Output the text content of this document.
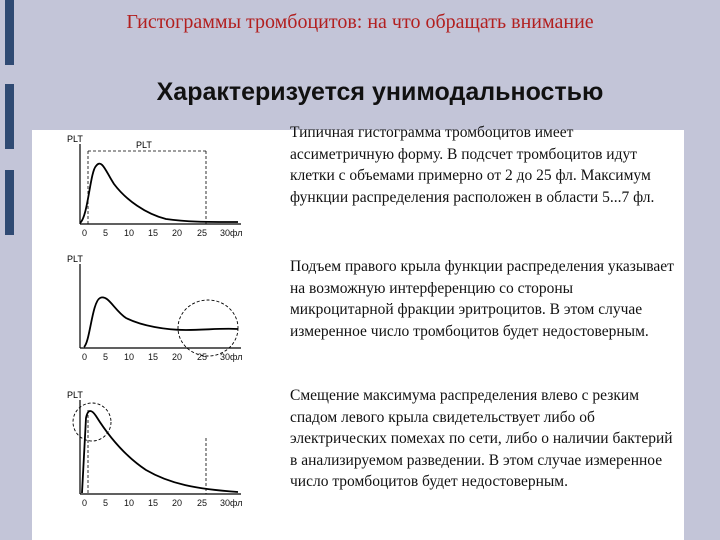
Гистограммы тромбоцитов: на что обращать внимание
Характеризуется унимодальностью
PLT
PLT
0 5 10 15 20 25 30 фл
PLT
0 5 10 15 20 25 30 фл
PLT
0 5 10 15 20 25 30 фл
Типичная гистограмма тромбоцитов имеет ассиметричную форму. В подсчет тромбоцитов идут клетки с объемами примерно от 2 до 25 фл. Максимум функции распределения расположен в области 5...7 фл.
Подъем правого крыла функции распределения указывает на возможную интерференцию со стороны микроцитарной фракции эритроцитов. В этом случае измеренное число тромбоцитов будет недостоверным.
Смещение максимума распределения влево с резким спадом левого крыла свидетельствует либо об электрических помехах по сети, либо о наличии бактерий в анализируемом разведении. В этом случае измеренное число тромбоцитов будет недостоверным.
